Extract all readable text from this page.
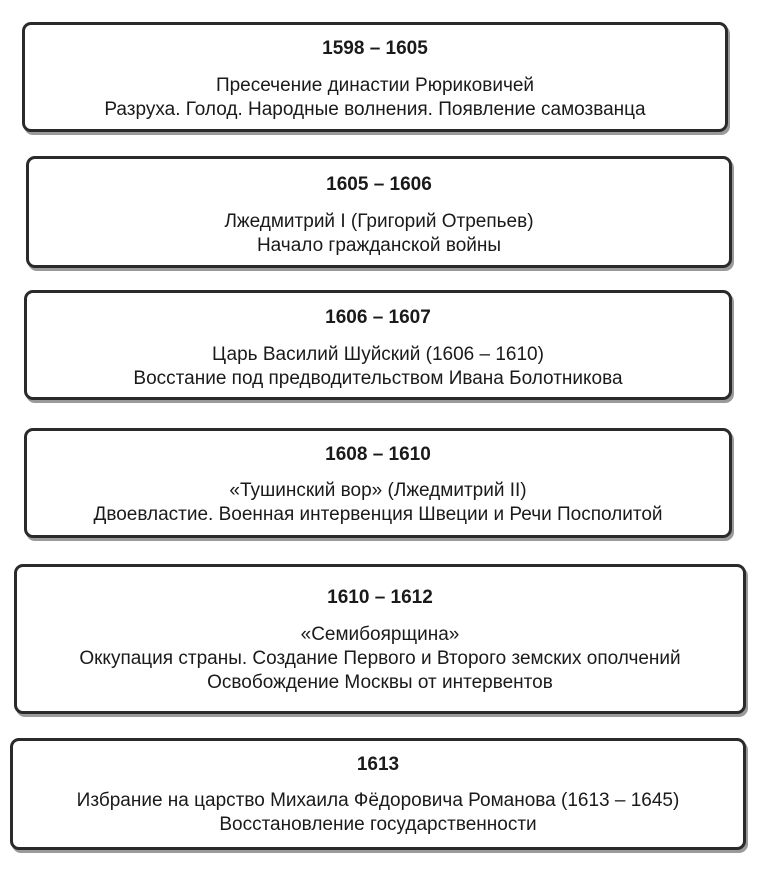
1598 – 1605
Пресечение династии Рюриковичей
Разруха. Голод. Народные волнения. Появление самозванца
1605 – 1606
Лжедмитрий I (Григорий Отрепьев)
Начало гражданской войны
1606 – 1607
Царь Василий Шуйский (1606 – 1610)
Восстание под предводительством Ивана Болотникова
1608 – 1610
«Тушинский вор» (Лжедмитрий II)
Двоевластие. Военная интервенция Швеции и Речи Посполитой
1610 – 1612
«Семибоярщина»
Оккупация страны. Создание Первого и Второго земских ополчений
Освобождение Москвы от интервентов
1613
Избрание на царство Михаила Фёдоровича Романова (1613 – 1645)
Восстановление государственности
